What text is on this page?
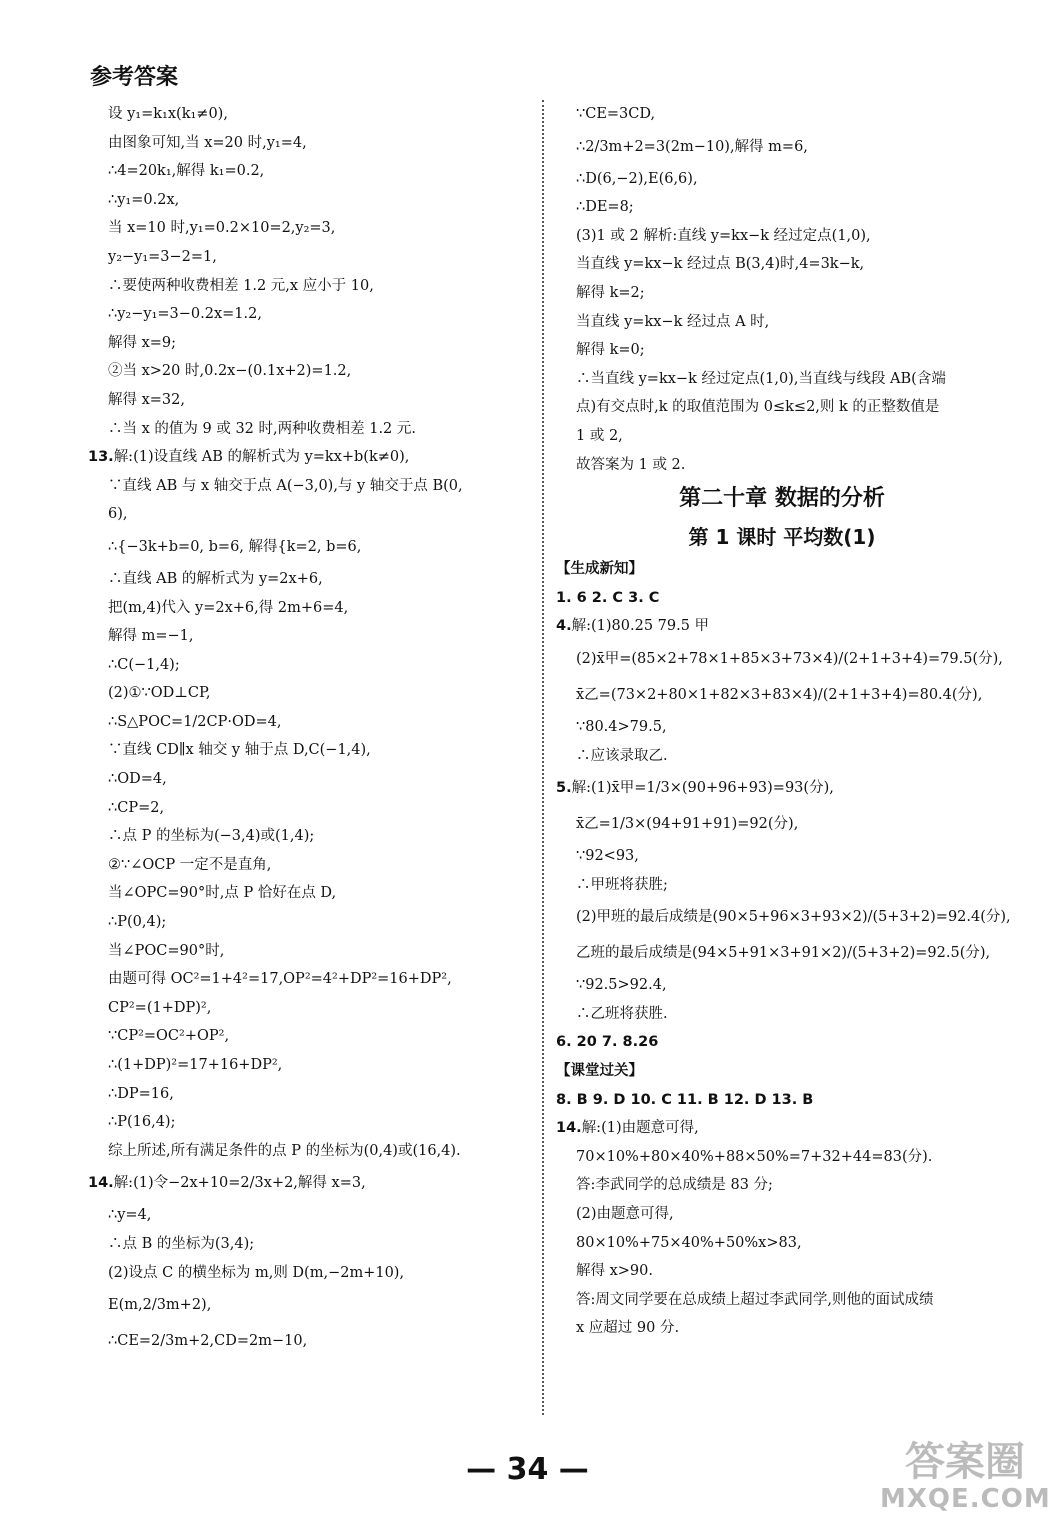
参考答案
设 y₁=k₁x(k₁≠0),
由图象可知,当 x=20 时,y₁=4,
∴4=20k₁,解得 k₁=0.2,
∴y₁=0.2x,
当 x=10 时,y₁=0.2×10=2,y₂=3,
y₂−y₁=3−2=1,
∴要使两种收费相差 1.2 元,x 应小于 10,
∴y₂−y₁=3−0.2x=1.2,
解得 x=9;
②当 x>20 时,0.2x−(0.1x+2)=1.2,
解得 x=32,
∴当 x 的值为 9 或 32 时,两种收费相差 1.2 元.
13.解:(1)设直线 AB 的解析式为 y=kx+b(k≠0),
∵直线 AB 与 x 轴交于点 A(−3,0),与 y 轴交于点 B(0,
6),
∴{−3k+b=0, b=6, 解得{k=2, b=6,
∴直线 AB 的解析式为 y=2x+6,
把(m,4)代入 y=2x+6,得 2m+6=4,
解得 m=−1,
∴C(−1,4);
(2)①∵OD⊥CP,
∴S△POC=1/2CP·OD=4,
∵直线 CD∥x 轴交 y 轴于点 D,C(−1,4),
∴OD=4,
∴CP=2,
∴点 P 的坐标为(−3,4)或(1,4);
②∵∠OCP 一定不是直角,
当∠OPC=90°时,点 P 恰好在点 D,
∴P(0,4);
当∠POC=90°时,
由题可得 OC²=1+4²=17,OP²=4²+DP²=16+DP²,
CP²=(1+DP)²,
∵CP²=OC²+OP²,
∴(1+DP)²=17+16+DP²,
∴DP=16,
∴P(16,4);
综上所述,所有满足条件的点 P 的坐标为(0,4)或(16,4).
14.解:(1)令−2x+10=2/3x+2,解得 x=3,
∴y=4,
∴点 B 的坐标为(3,4);
(2)设点 C 的横坐标为 m,则 D(m,−2m+10),
E(m,2/3m+2),
∴CE=2/3m+2,CD=2m−10,
∵CE=3CD,
∴2/3m+2=3(2m−10),解得 m=6,
∴D(6,−2),E(6,6),
∴DE=8;
(3)1 或 2 解析:直线 y=kx−k 经过定点(1,0),
当直线 y=kx−k 经过点 B(3,4)时,4=3k−k,
解得 k=2;
当直线 y=kx−k 经过点 A 时,
解得 k=0;
∴当直线 y=kx−k 经过定点(1,0),当直线与线段 AB(含端
点)有交点时,k 的取值范围为 0≤k≤2,则 k 的正整数值是
1 或 2,
故答案为 1 或 2.
第二十章 数据的分析
第 1 课时 平均数(1)
【生成新知】
1. 6 2. C 3. C
4.解:(1)80.25 79.5 甲
(2)x̄甲=(85×2+78×1+85×3+73×4)/(2+1+3+4)=79.5(分),
x̄乙=(73×2+80×1+82×3+83×4)/(2+1+3+4)=80.4(分),
∵80.4>79.5,
∴应该录取乙.
5.解:(1)x̄甲=1/3×(90+96+93)=93(分),
x̄乙=1/3×(94+91+91)=92(分),
∵92<93,
∴甲班将获胜;
(2)甲班的最后成绩是(90×5+96×3+93×2)/(5+3+2)=92.4(分),
乙班的最后成绩是(94×5+91×3+91×2)/(5+3+2)=92.5(分),
∵92.5>92.4,
∴乙班将获胜.
6. 20 7. 8.26
【课堂过关】
8. B 9. D 10. C 11. B 12. D 13. B
14.解:(1)由题意可得,
70×10%+80×40%+88×50%=7+32+44=83(分).
答:李武同学的总成绩是 83 分;
(2)由题意可得,
80×10%+75×40%+50%x>83,
解得 x>90.
答:周文同学要在总成绩上超过李武同学,则他的面试成绩
x 应超过 90 分.
— 34 —	答案圈
MXQE.COM
